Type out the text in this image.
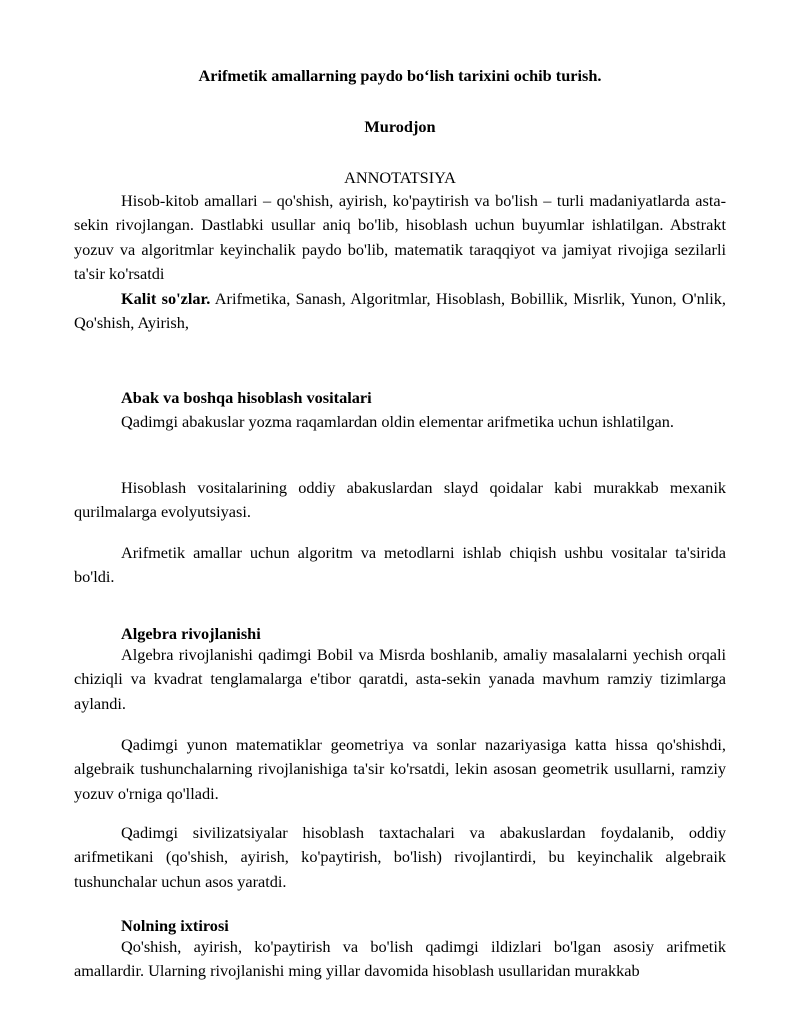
Arifmetik amallarning paydo bo‘lish tarixini ochib turish.
Murodjon
ANNOTATSIYA

Hisob-kitob amallari – qo'shish, ayirish, ko'paytirish va bo'lish – turli madaniyatlarda asta-sekin rivojlangan. Dastlabki usullar aniq bo'lib, hisoblash uchun buyumlar ishlatilgan. Abstrakt yozuv va algoritmlar keyinchalik paydo bo'lib, matematik taraqqiyot va jamiyat rivojiga sezilarli ta'sir ko'rsatdi

Kalit so'zlar. Arifmetika, Sanash, Algoritmlar, Hisoblash, Bobillik, Misrlik, Yunon, O'nlik, Qo'shish, Ayirish,

Abak va boshqa hisoblash vositalari

Qadimgi abakuslar yozma raqamlardan oldin elementar arifmetika uchun ishlatilgan.

Hisoblash vositalarining oddiy abakuslardan slayd qoidalar kabi murakkab mexanik qurilmalarga evolyutsiyasi.

Arifmetik amallar uchun algoritm va metodlarni ishlab chiqish ushbu vositalar ta'sirida bo'ldi.

Algebra rivojlanishi

Algebra rivojlanishi qadimgi Bobil va Misrda boshlanib, amaliy masalalarni yechish orqali chiziqli va kvadrat tenglamalarga e'tibor qaratdi, asta-sekin yanada mavhum ramziy tizimlarga aylandi.

Qadimgi yunon matematiklar geometriya va sonlar nazariyasiga katta hissa qo'shishdi, algebraik tushunchalarning rivojlanishiga ta'sir ko'rsatdi, lekin asosan geometrik usullarni, ramziy yozuv o'rniga qo'lladi.

Qadimgi sivilizatsiyalar hisoblash taxtachalari va abakuslardan foydalanib, oddiy arifmetikani (qo'shish, ayirish, ko'paytirish, bo'lish) rivojlantirdi, bu keyinchalik algebraik tushunchalar uchun asos yaratdi.

Nolning ixtirosi

Qo'shish, ayirish, ko'paytirish va bo'lish qadimgi ildizlari bo'lgan asosiy arifmetik amallardir. Ularning rivojlanishi ming yillar davomida hisoblash usullaridan murakkab
